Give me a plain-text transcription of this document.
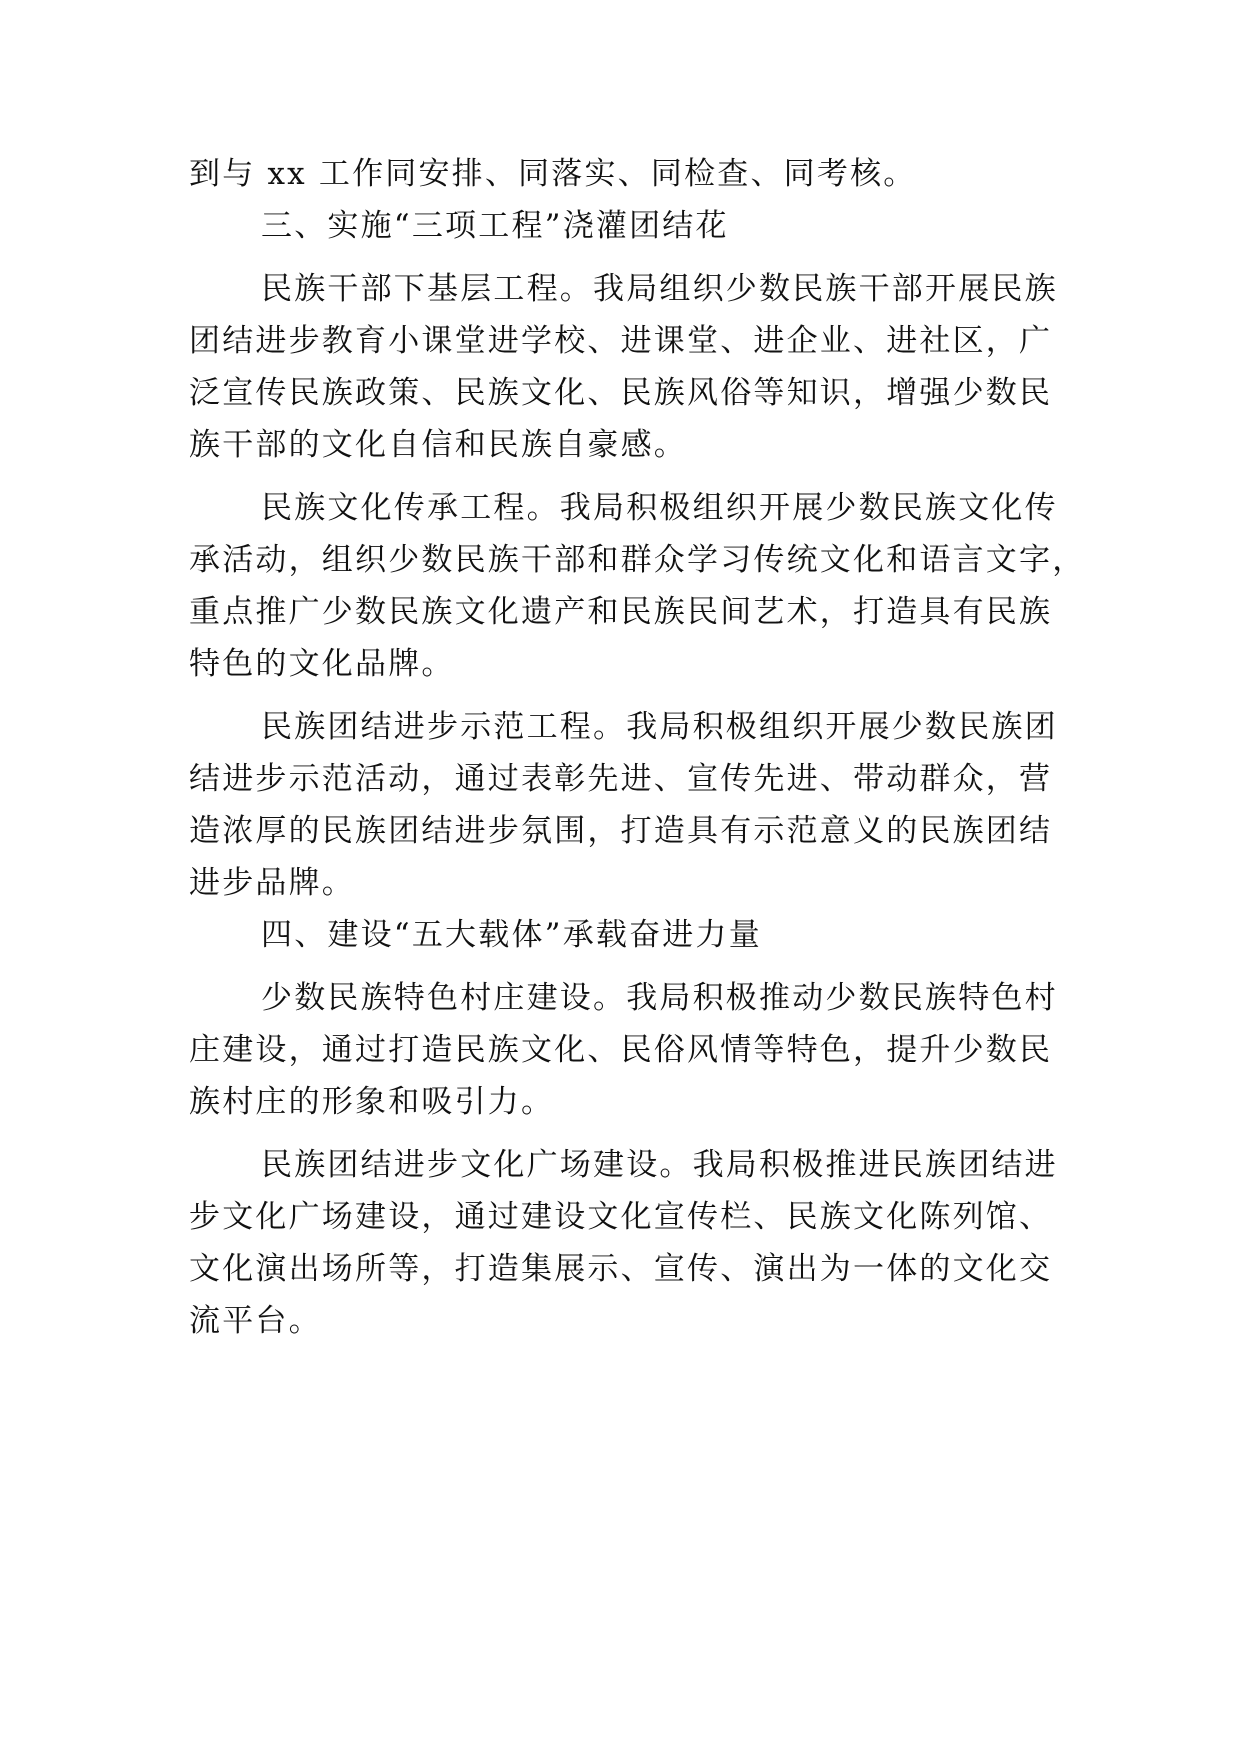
到与 xx 工作同安排、同落实、同检查、同考核。

三、实施“三项工程”浇灌团结花

民族干部下基层工程。我局组织少数民族干部开展民族
团结进步教育小课堂进学校、进课堂、进企业、进社区，广
泛宣传民族政策、民族文化、民族风俗等知识，增强少数民
族干部的文化自信和民族自豪感。
民族文化传承工程。我局积极组织开展少数民族文化传
承活动，组织少数民族干部和群众学习传统文化和语言文字，
重点推广少数民族文化遗产和民族民间艺术，打造具有民族
特色的文化品牌。
民族团结进步示范工程。我局积极组织开展少数民族团
结进步示范活动，通过表彰先进、宣传先进、带动群众，营
造浓厚的民族团结进步氛围，打造具有示范意义的民族团结
进步品牌。

四、建设“五大载体”承载奋进力量

少数民族特色村庄建设。我局积极推动少数民族特色村
庄建设，通过打造民族文化、民俗风情等特色，提升少数民
族村庄的形象和吸引力。
民族团结进步文化广场建设。我局积极推进民族团结进
步文化广场建设，通过建设文化宣传栏、民族文化陈列馆、
文化演出场所等，打造集展示、宣传、演出为一体的文化交
流平台。
